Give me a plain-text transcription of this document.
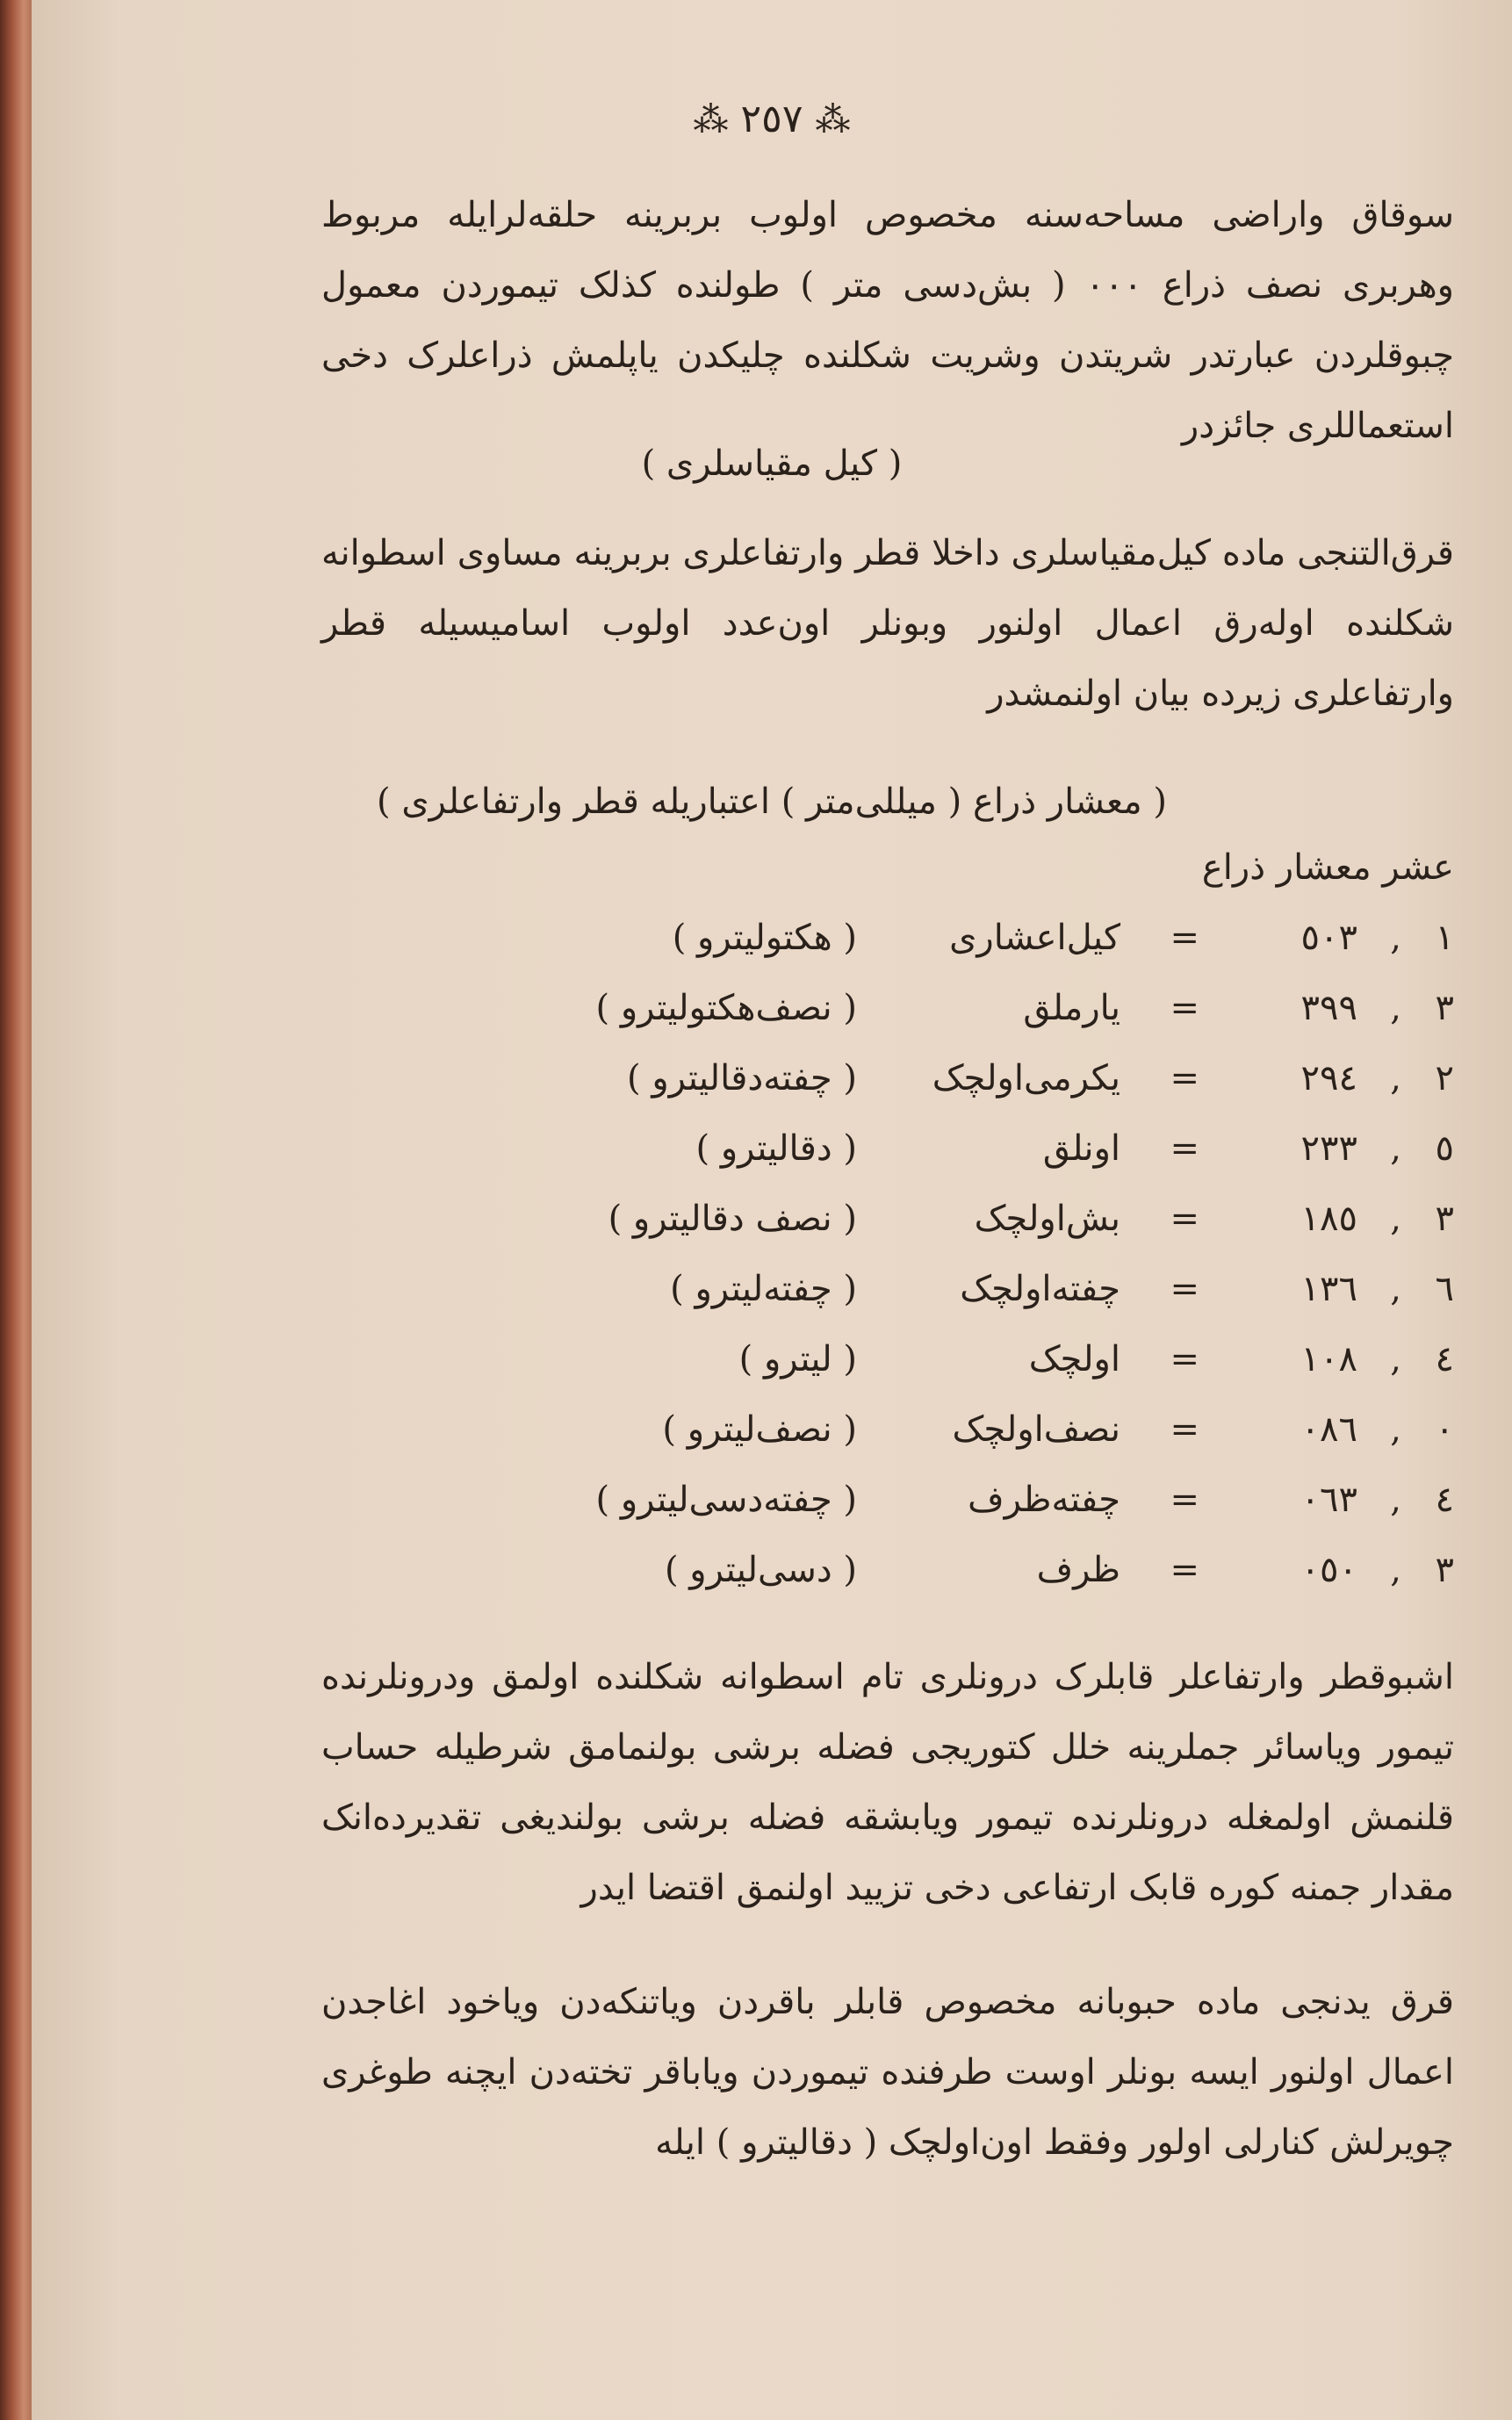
⁂ ٢٥٧ ⁂
سوقاق واراضی مساحه‌سنه مخصوص اولوب بربرینه حلقه‌لرایله مربوط وهربری نصف ذراع ٠٠٠ ( بش‌دسی متر ) طولنده کذلک تیموردن معمول چبوقلردن عبارتدر شریتدن وشریت شکلنده چلیکدن یاپلمش ذراعلرک دخی استعماللری جائزدر
( کیل مقیاسلری )
قرق‌التنجی ماده کیل‌مقیاسلری داخلا قطر وارتفاعلری بربرینه مساوی اسطوانه شکلنده اوله‌رق اعمال اولنور وبونلر اون‌عدد اولوب اسامیسیله قطر وارتفاعلری زیرده بیان اولنمشدر
( معشار ذراع ( میللی‌متر ) اعتباریله قطر وارتفاعلری )
عشر معشار ذراع
١
,
٥٠٣
=
کیل‌اعشاری
( هکتولیترو )
٣
,
٣٩٩
=
یارملق
( نصف‌هکتولیترو )
٢
,
٢٩٤
=
یکرمی‌اولچک
( چفته‌دقالیترو )
٥
,
٢٣٣
=
اونلق
( دقالیترو )
٣
,
١٨٥
=
بش‌اولچک
( نصف دقالیترو )
٦
,
١٣٦
=
چفته‌اولچک
( چفته‌لیترو )
٤
,
١٠٨
=
اولچک
( لیترو )
٠
,
٠٨٦
=
نصف‌اولچک
( نصف‌لیترو )
٤
,
٠٦٣
=
چفته‌ظرف
( چفته‌دسی‌لیترو )
٣
,
٠٥٠
=
ظرف
( دسی‌لیترو )
اشبوقطر وارتفاعلر قابلرک درونلری تام اسطوانه شکلنده اولمق ودرونلرنده تیمور ویاسائر جملرینه خلل کتوریجی فضله برشی بولنمامق شرطیله حساب قلنمش اولمغله درونلرنده تیمور ویابشقه فضله برشی بولندیغی تقدیرده‌انک مقدار جمنه کوره قابک ارتفاعی دخی تزیید اولنمق اقتضا ایدر
قرق یدنجی ماده حبوبانه مخصوص قابلر باقردن ویاتنکه‌دن ویاخود اغاجدن اعمال اولنور ایسه بونلر اوست طرفنده تیموردن ویاباقر تخته‌دن ایچنه طوغری چویرلش کنارلی اولور وفقط اون‌اولچک ( دقالیترو ) ایله
